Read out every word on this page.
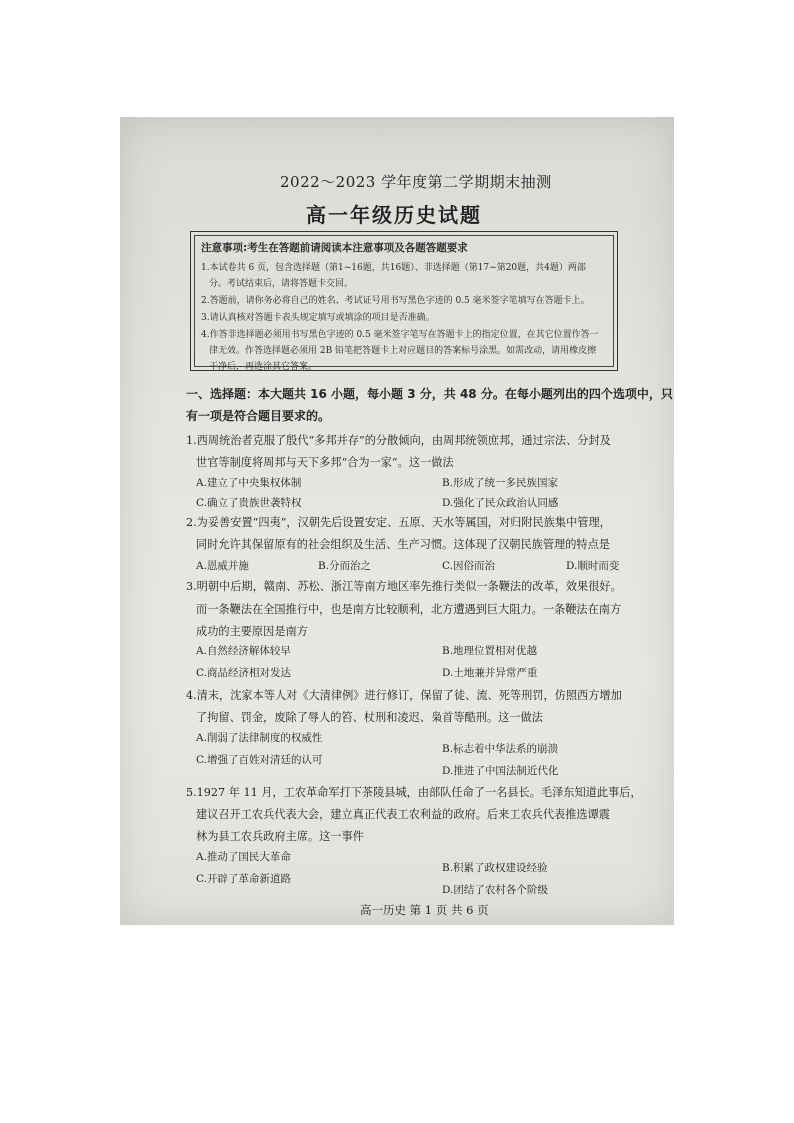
2022～2023 学年度第二学期期末抽测
高一年级历史试题
注意事项:考生在答题前请阅读本注意事项及各题答题要求
1.本试卷共 6 页，包含选择题（第1~16题，共16题）、非选择题（第17~第20题，共4题）两部
分。考试结束后，请将答题卡交回。
2.答题前，请你务必将自己的姓名、考试证号用书写黑色字迹的 0.5 毫米签字笔填写在答题卡上。
3.请认真核对答题卡表头规定填写或填涂的项目是否准确。
4.作答非选择题必须用书写黑色字迹的 0.5 毫米签字笔写在答题卡上的指定位置，在其它位置作答一
律无效。作答选择题必须用 2B 铅笔把答题卡上对应题目的答案标号涂黑。如需改动，请用橡皮擦
干净后，再选涂其它答案。
一、选择题：本大题共 16 小题，每小题 3 分，共 48 分。在每小题列出的四个选项中，只
有一项是符合题目要求的。
1.西周统治者克服了殷代“多邦并存”的分散倾向，由周邦统领庶邦，通过宗法、分封及
世官等制度将周邦与天下多邦“合为一家”。这一做法
A.建立了中央集权体制	B.形成了统一多民族国家
C.确立了贵族世袭特权	D.强化了民众政治认同感
2.为妥善安置“四夷”，汉朝先后设置安定、五原、天水等属国，对归附民族集中管理，
同时允许其保留原有的社会组织及生活、生产习惯。这体现了汉朝民族管理的特点是
A.恩威并施	B.分而治之	C.因俗而治	D.顺时而变
3.明朝中后期，赣南、苏松、浙江等南方地区率先推行类似一条鞭法的改革，效果很好。
而一条鞭法在全国推行中，也是南方比较顺利，北方遭遇到巨大阻力。一条鞭法在南方
成功的主要原因是南方
A.自然经济解体较早	B.地理位置相对优越
C.商品经济相对发达	D.土地兼并异常严重
4.清末，沈家本等人对《大清律例》进行修订，保留了徒、流、死等刑罚，仿照西方增加
了拘留、罚金，废除了辱人的笞、杖刑和凌迟、枭首等酷刑。这一做法
A.削弱了法律制度的权威性
B.标志着中华法系的崩溃
C.增强了百姓对清廷的认可
D.推进了中国法制近代化
5.1927 年 11 月，工农革命军打下茶陵县城，由部队任命了一名县长。毛泽东知道此事后，
建议召开工农兵代表大会，建立真正代表工农利益的政府。后来工农兵代表推选谭震
林为县工农兵政府主席。这一事件
A.推动了国民大革命
B.积累了政权建设经验
C.开辟了革命新道路
D.团结了农村各个阶级
高一历史 第 1 页 共 6 页
